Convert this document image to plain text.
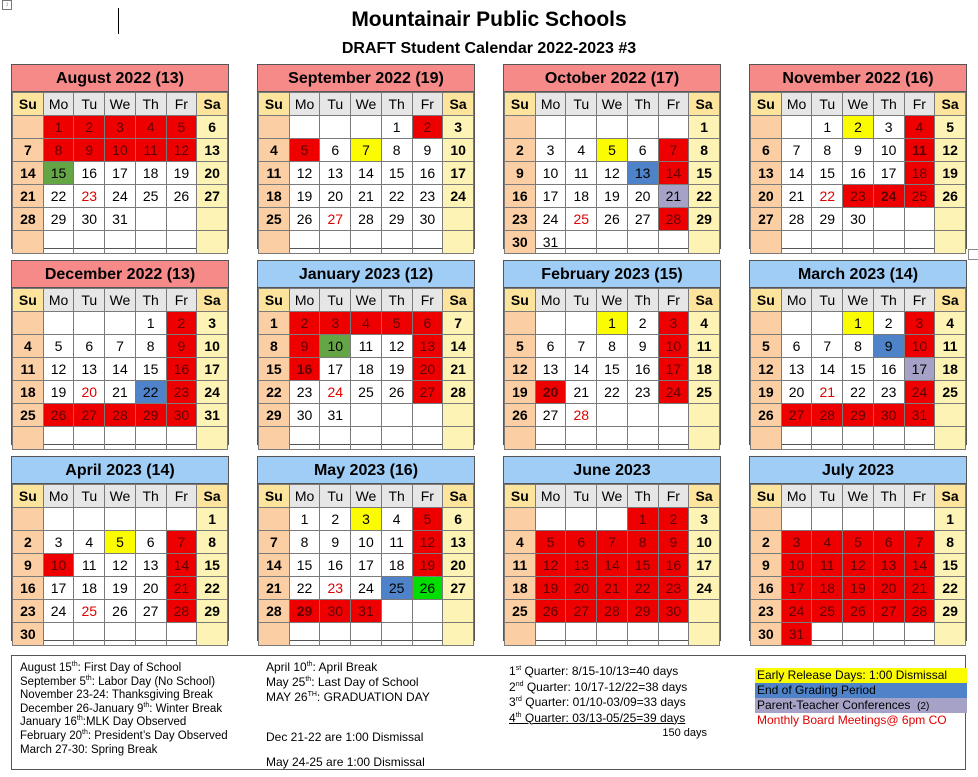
↕
Mountainair Public Schools
DRAFT Student Calendar 2022-2023 #3
August 2022 (13)
Su	Mo	Tu	We	Th	Fr	Sa
	1	2	3	4	5	6
7	8	9	10	11	12	13
14	15	16	17	18	19	20
21	22	23	24	25	26	27
28	29	30	31			

September 2022 (19)
Su	Mo	Tu	We	Th	Fr	Sa
				1	2	3
4	5	6	7	8	9	10
11	12	13	14	15	16	17
18	19	20	21	22	23	24
25	26	27	28	29	30	

October 2022 (17)
Su	Mo	Tu	We	Th	Fr	Sa
						1
2	3	4	5	6	7	8
9	10	11	12	13	14	15
16	17	18	19	20	21	22
23	24	25	26	27	28	29
30	31					
November 2022 (16)
Su	Mo	Tu	We	Th	Fr	Sa
		1	2	3	4	5
6	7	8	9	10	11	12
13	14	15	16	17	18	19
20	21	22	23	24	25	26
27	28	29	30			

December 2022 (13)
Su	Mo	Tu	We	Th	Fr	Sa
				1	2	3
4	5	6	7	8	9	10
11	12	13	14	15	16	17
18	19	20	21	22	23	24
25	26	27	28	29	30	31

January 2023 (12)
Su	Mo	Tu	We	Th	Fr	Sa
1	2	3	4	5	6	7
8	9	10	11	12	13	14
15	16	17	18	19	20	21
22	23	24	25	26	27	28
29	30	31				

February 2023 (15)
Su	Mo	Tu	We	Th	Fr	Sa
			1	2	3	4
5	6	7	8	9	10	11
12	13	14	15	16	17	18
19	20	21	22	23	24	25
26	27	28				

March 2023 (14)
Su	Mo	Tu	We	Th	Fr	Sa
			1	2	3	4
5	6	7	8	9	10	11
12	13	14	15	16	17	18
19	20	21	22	23	24	25
26	27	28	29	30	31	

April 2023 (14)
Su	Mo	Tu	We	Th	Fr	Sa
						1
2	3	4	5	6	7	8
9	10	11	12	13	14	15
16	17	18	19	20	21	22
23	24	25	26	27	28	29
30						
May 2023 (16)
Su	Mo	Tu	We	Th	Fr	Sa
	1	2	3	4	5	6
7	8	9	10	11	12	13
14	15	16	17	18	19	20
21	22	23	24	25	26	27
28	29	30	31			

June 2023
Su	Mo	Tu	We	Th	Fr	Sa
				1	2	3
4	5	6	7	8	9	10
11	12	13	14	15	16	17
18	19	20	21	22	23	24
25	26	27	28	29	30	

July 2023
Su	Mo	Tu	We	Th	Fr	Sa
						1
2	3	4	5	6	7	8
9	10	11	12	13	14	15
16	17	18	19	20	21	22
23	24	25	26	27	28	29
30	31					
August 15th: First Day of School
September 5th: Labor Day (No School)
November 23-24: Thanksgiving Break
December 26-January 9th: Winter Break
January 16th:MLK Day Observed
February 20th: President’s Day Observed
March 27-30: Spring Break
April 10th: April Break
May 25th: Last Day of School
MAY 26TH: GRADUATION DAY
Dec 21-22 are 1:00 Dismissal
May 24-25 are 1:00 Dismissal
1st Quarter: 8/15-10/13=40 days
2nd Quarter: 10/17-12/22=38 days
3rd Quarter: 01/10-03/09=33 days
4th Quarter: 03/13-05/25=39 days
150 days
Early Release Days: 1:00 Dismissal
End of Grading Period
Parent-Teacher Conferences (2)
Monthly Board Meetings@ 6pm CO
